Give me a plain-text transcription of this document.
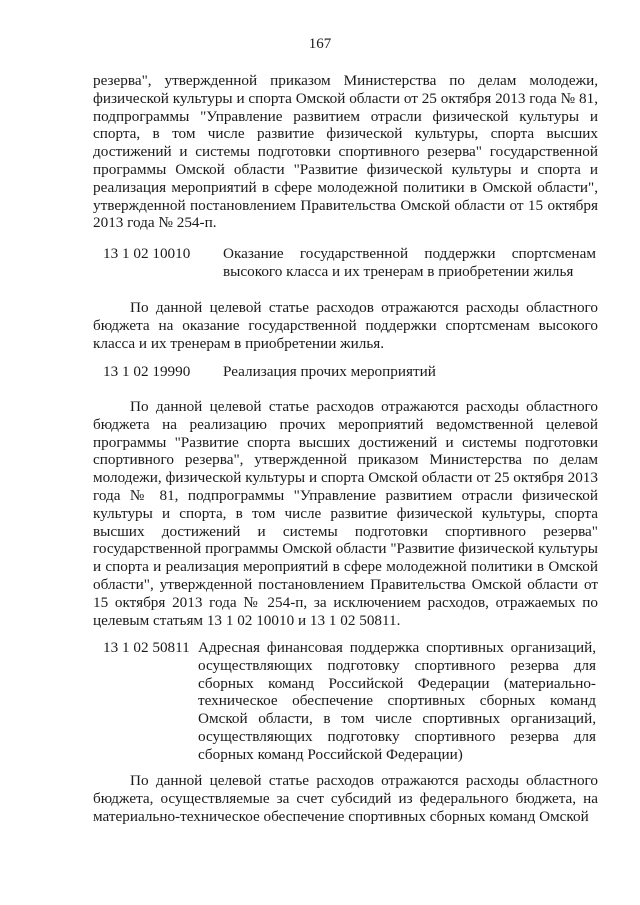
167
резерва", утвержденной приказом Министерства по делам молодежи, физической культуры и спорта Омской области от 25 октября 2013 года № 81, подпрограммы "Управление развитием отрасли физической культуры и спорта, в том числе развитие физической культуры, спорта высших достижений и системы подготовки спортивного резерва" государственной программы Омской области "Развитие физической культуры и спорта и реализация мероприятий в сфере молодежной политики в Омской области", утвержденной постановлением Правительства Омской области от 15 октября 2013 года № 254-п.
13 1 02 10010 Оказание государственной поддержки спортсменам высокого класса и их тренерам в приобретении жилья
По данной целевой статье расходов отражаются расходы областного бюджета на оказание государственной поддержки спортсменам высокого класса и их тренерам в приобретении жилья.
13 1 02 19990 Реализация прочих мероприятий
По данной целевой статье расходов отражаются расходы областного бюджета на реализацию прочих мероприятий ведомственной целевой программы "Развитие спорта высших достижений и системы подготовки спортивного резерва", утвержденной приказом Министерства по делам молодежи, физической культуры и спорта Омской области от 25 октября 2013 года № 81, подпрограммы "Управление развитием отрасли физической культуры и спорта, в том числе развитие физической культуры, спорта высших достижений и системы подготовки спортивного резерва" государственной программы Омской области "Развитие физической культуры и спорта и реализация мероприятий в сфере молодежной политики в Омской области", утвержденной постановлением Правительства Омской области от 15 октября 2013 года № 254-п, за исключением расходов, отражаемых по целевым статьям 13 1 02 10010 и 13 1 02 50811.
13 1 02 50811 Адресная финансовая поддержка спортивных организаций, осуществляющих подготовку спортивного резерва для сборных команд Российской Федерации (материально-техническое обеспечение спортивных сборных команд Омской области, в том числе спортивных организаций, осуществляющих подготовку спортивного резерва для сборных команд Российской Федерации)
По данной целевой статье расходов отражаются расходы областного бюджета, осуществляемые за счет субсидий из федерального бюджета, на материально-техническое обеспечение спортивных сборных команд Омской
